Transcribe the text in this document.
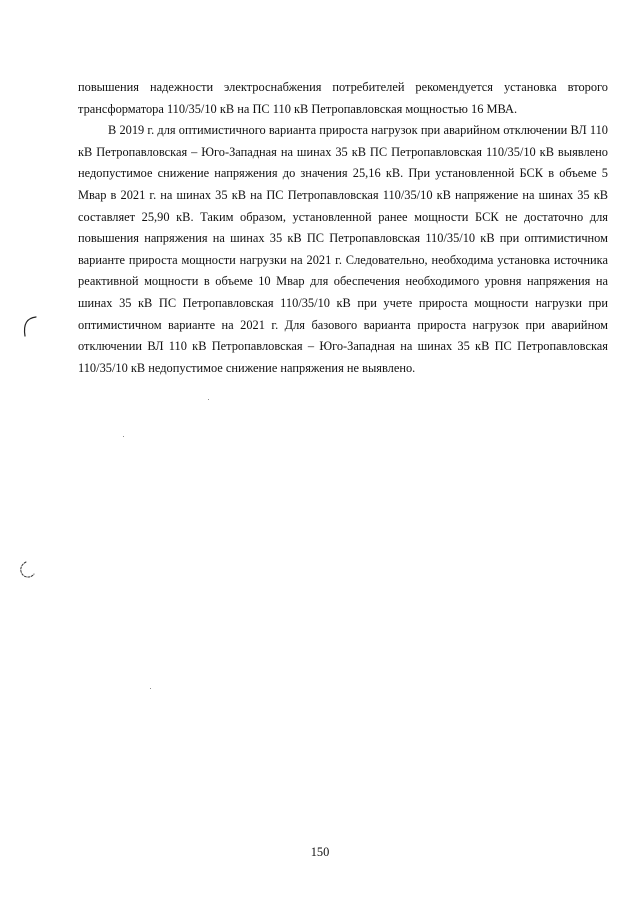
повышения надежности электроснабжения потребителей рекомендуется установка второго трансформатора 110/35/10 кВ на ПС 110 кВ Петропавловская мощностью 16 МВА.

В 2019 г. для оптимистичного варианта прироста нагрузок при аварийном отключении ВЛ 110 кВ Петропавловская – Юго-Западная на шинах 35 кВ ПС Петропавловская 110/35/10 кВ выявлено недопустимое снижение напряжения до значения 25,16 кВ. При установленной БСК в объеме 5 Мвар в 2021 г. на шинах 35 кВ на ПС Петропавловская 110/35/10 кВ напряжение на шинах 35 кВ составляет 25,90 кВ. Таким образом, установленной ранее мощности БСК не достаточно для повышения напряжения на шинах 35 кВ ПС Петропавловская 110/35/10 кВ при оптимистичном варианте прироста мощности нагрузки на 2021 г. Следовательно, необходима установка источника реактивной мощности в объеме 10 Мвар для обеспечения необходимого уровня напряжения на шинах 35 кВ ПС Петропавловская 110/35/10 кВ при учете прироста мощности нагрузки при оптимистичном варианте на 2021 г. Для базового варианта прироста нагрузок при аварийном отключении ВЛ 110 кВ Петропавловская – Юго-Западная на шинах 35 кВ ПС Петропавловская 110/35/10 кВ недопустимое снижение напряжения не выявлено.

150
